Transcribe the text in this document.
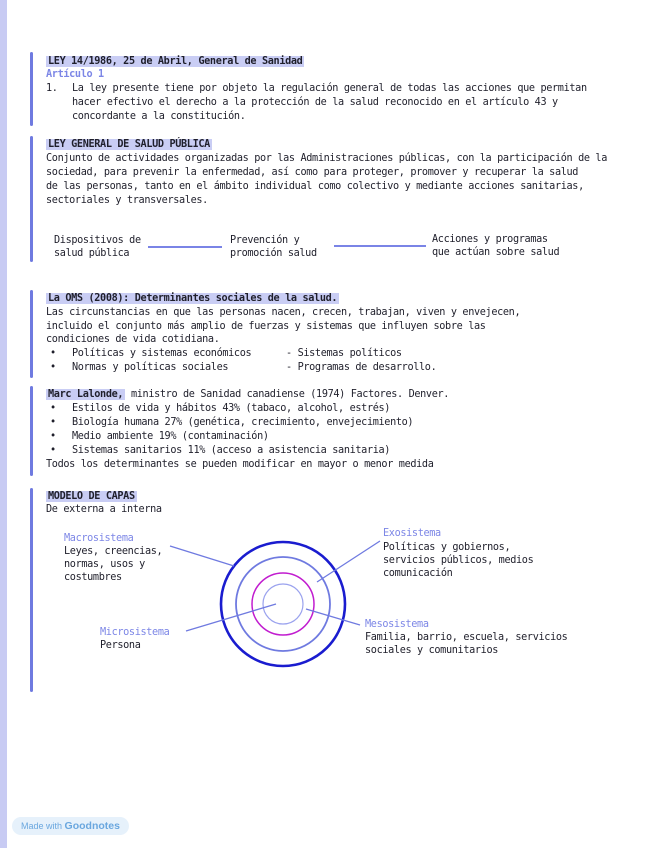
LEY 14/1986, 25 de Abril, General de Sanidad
Artículo 1
1. La ley presente tiene por objeto la regulación general de todas las acciones que permitan
hacer efectivo el derecho a la protección de la salud reconocido en el artículo 43 y
concordante a la constitución.
LEY GENERAL DE SALUD PÚBLICA
Conjunto de actividades organizadas por las Administraciones públicas, con la participación de la
sociedad, para prevenir la enfermedad, así como para proteger, promover y recuperar la salud
de las personas, tanto en el ámbito individual como colectivo y mediante acciones sanitarias,
sectoriales y transversales.
Dispositivos de
salud pública
Prevención y
promoción salud
Acciones y programas
que actúan sobre salud
La OMS (2008): Determinantes sociales de la salud.
Las circunstancias en que las personas nacen, crecen, trabajan, viven y envejecen,
incluido el conjunto más amplio de fuerzas y sistemas que influyen sobre las
condiciones de vida cotidiana.
• Políticas y sistemas económicos	- Sistemas políticos
• Normas y políticas sociales	- Programas de desarrollo.
Marc Lalonde, ministro de Sanidad canadiense (1974) Factores. Denver.
• Estilos de vida y hábitos 43% (tabaco, alcohol, estrés)
• Biología humana 27% (genética, crecimiento, envejecimiento)
• Medio ambiente 19% (contaminación)
• Sistemas sanitarios 11% (acceso a asistencia sanitaria)
Todos los determinantes se pueden modificar en mayor o menor medida
MODELO DE CAPAS
De externa a interna
Macrosistema
Leyes, creencias,
normas, usos y
costumbres
Exosistema
Políticas y gobiernos,
servicios públicos, medios
comunicación
Microsistema
Persona
Mesosistema
Familia, barrio, escuela, servicios
sociales y comunitarios
Made with Goodnotes
